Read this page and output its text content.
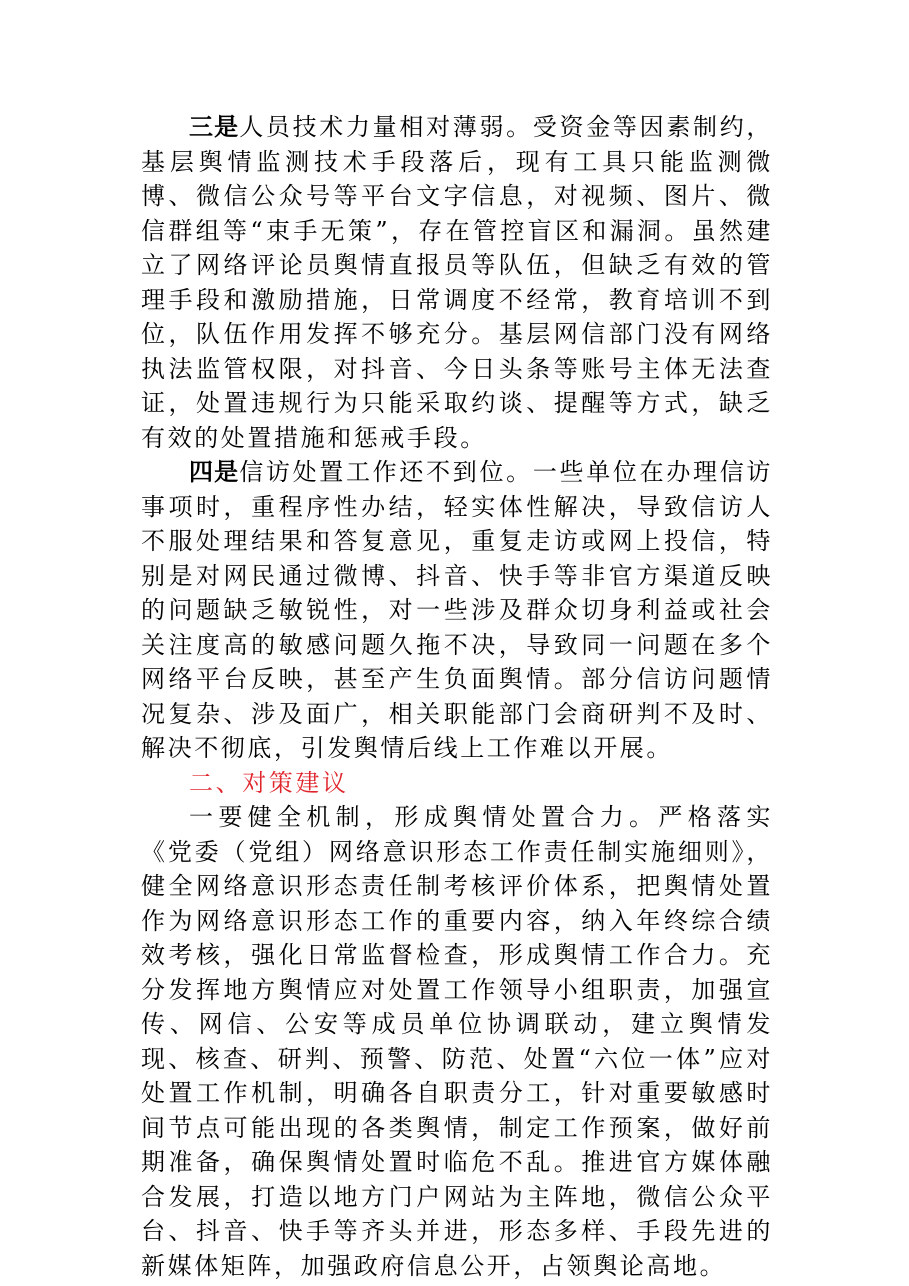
三是人员技术力量相对薄弱。受资金等因素制约，基层舆情监测技术手段落后，现有工具只能监测微博、微信公众号等平台文字信息，对视频、图片、微信群组等“束手无策”，存在管控盲区和漏洞。虽然建立了网络评论员舆情直报员等队伍，但缺乏有效的管理手段和激励措施，日常调度不经常，教育培训不到位，队伍作用发挥不够充分。基层网信部门没有网络执法监管权限，对抖音、今日头条等账号主体无法查证，处置违规行为只能采取约谈、提醒等方式，缺乏有效的处置措施和惩戒手段。

四是信访处置工作还不到位。一些单位在办理信访事项时，重程序性办结，轻实体性解决，导致信访人不服处理结果和答复意见，重复走访或网上投信，特别是对网民通过微博、抖音、快手等非官方渠道反映的问题缺乏敏锐性，对一些涉及群众切身利益或社会关注度高的敏感问题久拖不决，导致同一问题在多个网络平台反映，甚至产生负面舆情。部分信访问题情况复杂、涉及面广，相关职能部门会商研判不及时、解决不彻底，引发舆情后线上工作难以开展。

二、对策建议

一要健全机制，形成舆情处置合力。严格落实《党委（党组）网络意识形态工作责任制实施细则》，健全网络意识形态责任制考核评价体系，把舆情处置作为网络意识形态工作的重要内容，纳入年终综合绩效考核，强化日常监督检查，形成舆情工作合力。充分发挥地方舆情应对处置工作领导小组职责，加强宣传、网信、公安等成员单位协调联动，建立舆情发现、核查、研判、预警、防范、处置“六位一体”应对处置工作机制，明确各自职责分工，针对重要敏感时间节点可能出现的各类舆情，制定工作预案，做好前期准备，确保舆情处置时临危不乱。推进官方媒体融合发展，打造以地方门户网站为主阵地，微信公众平台、抖音、快手等齐头并进，形态多样、手段先进的新媒体矩阵，加强政府信息公开，占领舆论高地。
